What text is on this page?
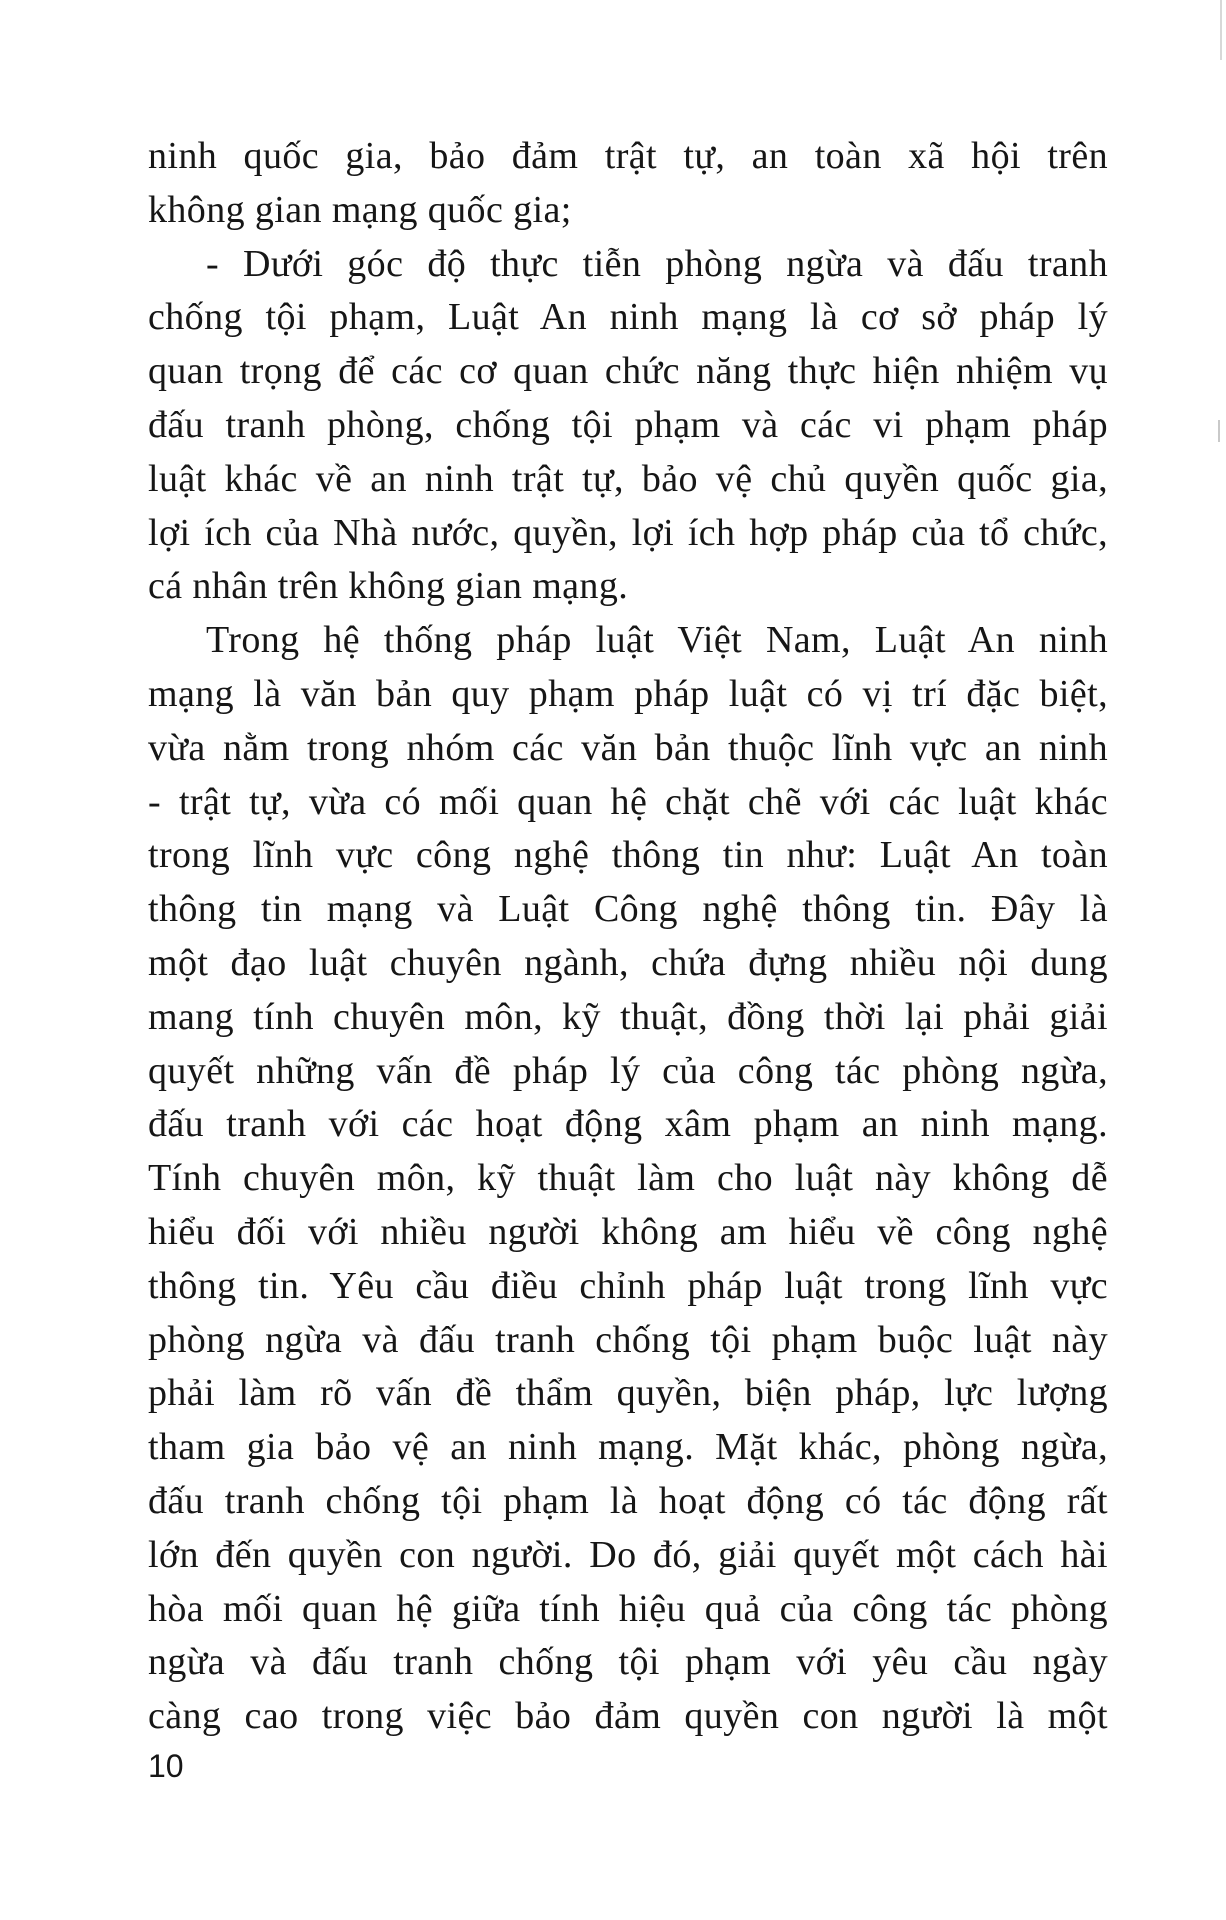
ninh quốc gia, bảo đảm trật tự, an toàn xã hội trên
không gian mạng quốc gia;
- Dưới góc độ thực tiễn phòng ngừa và đấu tranh
chống tội phạm, Luật An ninh mạng là cơ sở pháp lý
quan trọng để các cơ quan chức năng thực hiện nhiệm vụ
đấu tranh phòng, chống tội phạm và các vi phạm pháp
luật khác về an ninh trật tự, bảo vệ chủ quyền quốc gia,
lợi ích của Nhà nước, quyền, lợi ích hợp pháp của tổ chức,
cá nhân trên không gian mạng.
Trong hệ thống pháp luật Việt Nam, Luật An ninh
mạng là văn bản quy phạm pháp luật có vị trí đặc biệt,
vừa nằm trong nhóm các văn bản thuộc lĩnh vực an ninh
- trật tự, vừa có mối quan hệ chặt chẽ với các luật khác
trong lĩnh vực công nghệ thông tin như: Luật An toàn
thông tin mạng và Luật Công nghệ thông tin. Đây là
một đạo luật chuyên ngành, chứa đựng nhiều nội dung
mang tính chuyên môn, kỹ thuật, đồng thời lại phải giải
quyết những vấn đề pháp lý của công tác phòng ngừa,
đấu tranh với các hoạt động xâm phạm an ninh mạng.
Tính chuyên môn, kỹ thuật làm cho luật này không dễ
hiểu đối với nhiều người không am hiểu về công nghệ
thông tin. Yêu cầu điều chỉnh pháp luật trong lĩnh vực
phòng ngừa và đấu tranh chống tội phạm buộc luật này
phải làm rõ vấn đề thẩm quyền, biện pháp, lực lượng
tham gia bảo vệ an ninh mạng. Mặt khác, phòng ngừa,
đấu tranh chống tội phạm là hoạt động có tác động rất
lớn đến quyền con người. Do đó, giải quyết một cách hài
hòa mối quan hệ giữa tính hiệu quả của công tác phòng
ngừa và đấu tranh chống tội phạm với yêu cầu ngày
càng cao trong việc bảo đảm quyền con người là một
10
